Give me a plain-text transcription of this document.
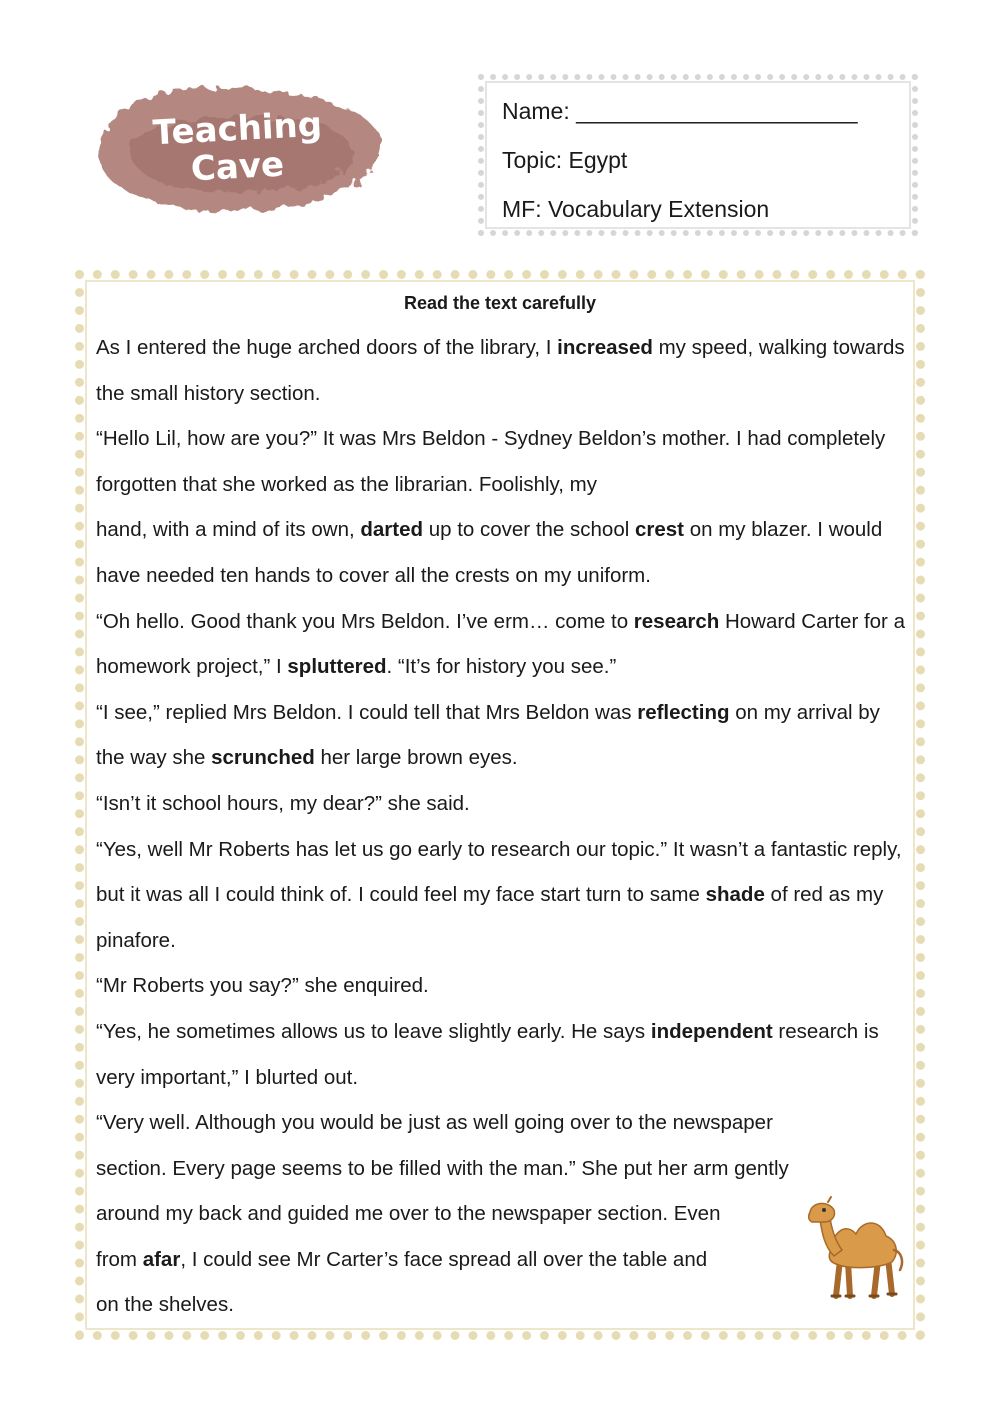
Teaching
Cave
Name: ______________________
Topic: Egypt
MF: Vocabulary Extension
Read the text carefully

As I entered the huge arched doors of the library, I increased my speed, walking towards the small history section.

“Hello Lil, how are you?” It was Mrs Beldon - Sydney Beldon’s mother. I had completely forgotten that she worked as the librarian. Foolishly, my
hand, with a mind of its own, darted up to cover the school crest on my blazer. I would have needed ten hands to cover all the crests on my uniform.

“Oh hello. Good thank you Mrs Beldon. I’ve erm… come to research Howard Carter for a homework project,” I spluttered. “It’s for history you see.”

“I see,” replied Mrs Beldon. I could tell that Mrs Beldon was reflecting on my arrival by the way she scrunched her large brown eyes.

“Isn’t it school hours, my dear?” she said.

“Yes, well Mr Roberts has let us go early to research our topic.” It wasn’t a fantastic reply, but it was all I could think of. I could feel my face start turn to same shade of red as my pinafore.

“Mr Roberts you say?” she enquired.

“Yes, he sometimes allows us to leave slightly early. He says independent research is very important,” I blurted out.

“Very well. Although you would be just as well going over to the newspaper section. Every page seems to be filled with the man.” She put her arm gently around my back and guided me over to the newspaper section. Even
from afar, I could see Mr Carter’s face spread all over the table and
on the shelves.
